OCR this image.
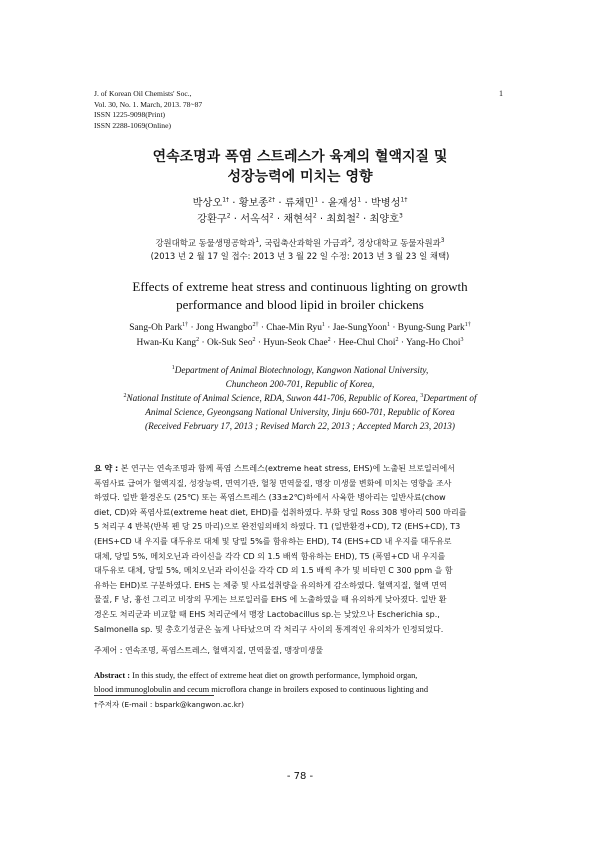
J. of Korean Oil Chemists' Soc.,
Vol. 30, No. 1. March, 2013. 78~87
ISSN 1225-9098(Print)
ISSN 2288-1069(Online)
1
연속조명과 폭염 스트레스가 육계의 혈액지질 및
성장능력에 미치는 영향
박상오$^{1\dagger}$ · 황보종$^{2\dagger}$ · 류채민$^1$ · 윤재성$^1$ · 박병성$^{1\dagger}$
강환구$^2$ · 서옥석$^2$ · 채현석$^2$ · 최희철$^2$ · 최양호$^3$
강원대학교 동물생명공학과$^1$, 국립축산과학원 가금과$^2$, 경상대학교 동물자원과$^3$
(2013 년 2 월 17 일 접수: 2013 년 3 월 22 일 수정: 2013 년 3 월 23 일 채택)
Effects of extreme heat stress and continuous lighting on growth
performance and blood lipid in broiler chickens
Sang-Oh Park$^{1\dagger}$ · Jong Hwangbo$^{2\dagger}$ · Chae-Min Ryu$^1$ · Jae-SungYoon$^1$ · Byung-Sung Park$^{1\dagger}$
Hwan-Ku Kang$^2$ · Ok-Suk Seo$^2$ · Hyun-Seok Chae$^2$ · Hee-Chul Choi$^2$ · Yang-Ho Choi$^3$
$^1$Department of Animal Biotechnology, Kangwon National University,
Chuncheon 200-701, Republic of Korea,
$^2$National Institute of Animal Science, RDA, Suwon 441-706, Republic of Korea, $^3$Department of
Animal Science, Gyeongsang National University, Jinju 660-701, Republic of Korea
(Received February 17, 2013 ; Revised March 22, 2013 ; Accepted March 23, 2013)
요 약 : 본 연구는 연속조명과 함께 폭염 스트레스(extreme heat stress, EHS)에 노출된 브로일러에서
폭염사료 급여가 혈액지질, 성장능력, 면역기관, 혈청 면역물질, 맹장 미생물 변화에 미치는 영향을 조사
하였다. 일반 환경온도 (25℃) 또는 폭염스트레스 (33±2℃)하에서 사육한 병아리는 일반사료(chow
diet, CD)와 폭염사료(extreme heat diet, EHD)를 섭취하였다. 부화 당일 Ross 308 병아리 500 마리를
5 처리구 4 반복(반복 펜 당 25 마리)으로 완전임의배치 하였다. T1 (일반환경+CD), T2 (EHS+CD), T3
(EHS+CD 내 우지를 대두유로 대체 및 당밀 5%를 함유하는 EHD), T4 (EHS+CD 내 우지를 대두유로
대체, 당밀 5%, 메치오닌과 라이신을 각각 CD 의 1.5 배씩 함유하는 EHD), T5 (폭염+CD 내 우지를
대두유로 대체, 당밀 5%, 메치오닌과 라이신을 각각 CD 의 1.5 배씩 추가 및 비타민 C 300 ppm 을 함
유하는 EHD)로 구분하였다. EHS 는 체중 및 사료섭취량을 유의하게 감소하였다. 혈액지질, 혈액 면역
물질, F 낭, 흉선 그리고 비장의 무게는 브로일러를 EHS 에 노출하였을 때 유의하게 낮아졌다. 일반 환
경온도 처리군과 비교할 때 EHS 처리군에서 맹장 Lactobacillus sp.는 낮았으나 Escherichia sp.,
Salmonella sp. 및 총호기성균은 높게 나타났으며 각 처리구 사이의 통계적인 유의차가 인정되었다.
주제어 : 연속조명, 폭염스트레스, 혈액지질, 면역물질, 맹장미생물
Abstract : In this study, the effect of extreme heat diet on growth performance, lymphoid organ,
blood immunoglobulin and cecum microflora change in broilers exposed to continuous lighting and
†주저자 (E-mail : bspark@kangwon.ac.kr)
- 78 -
